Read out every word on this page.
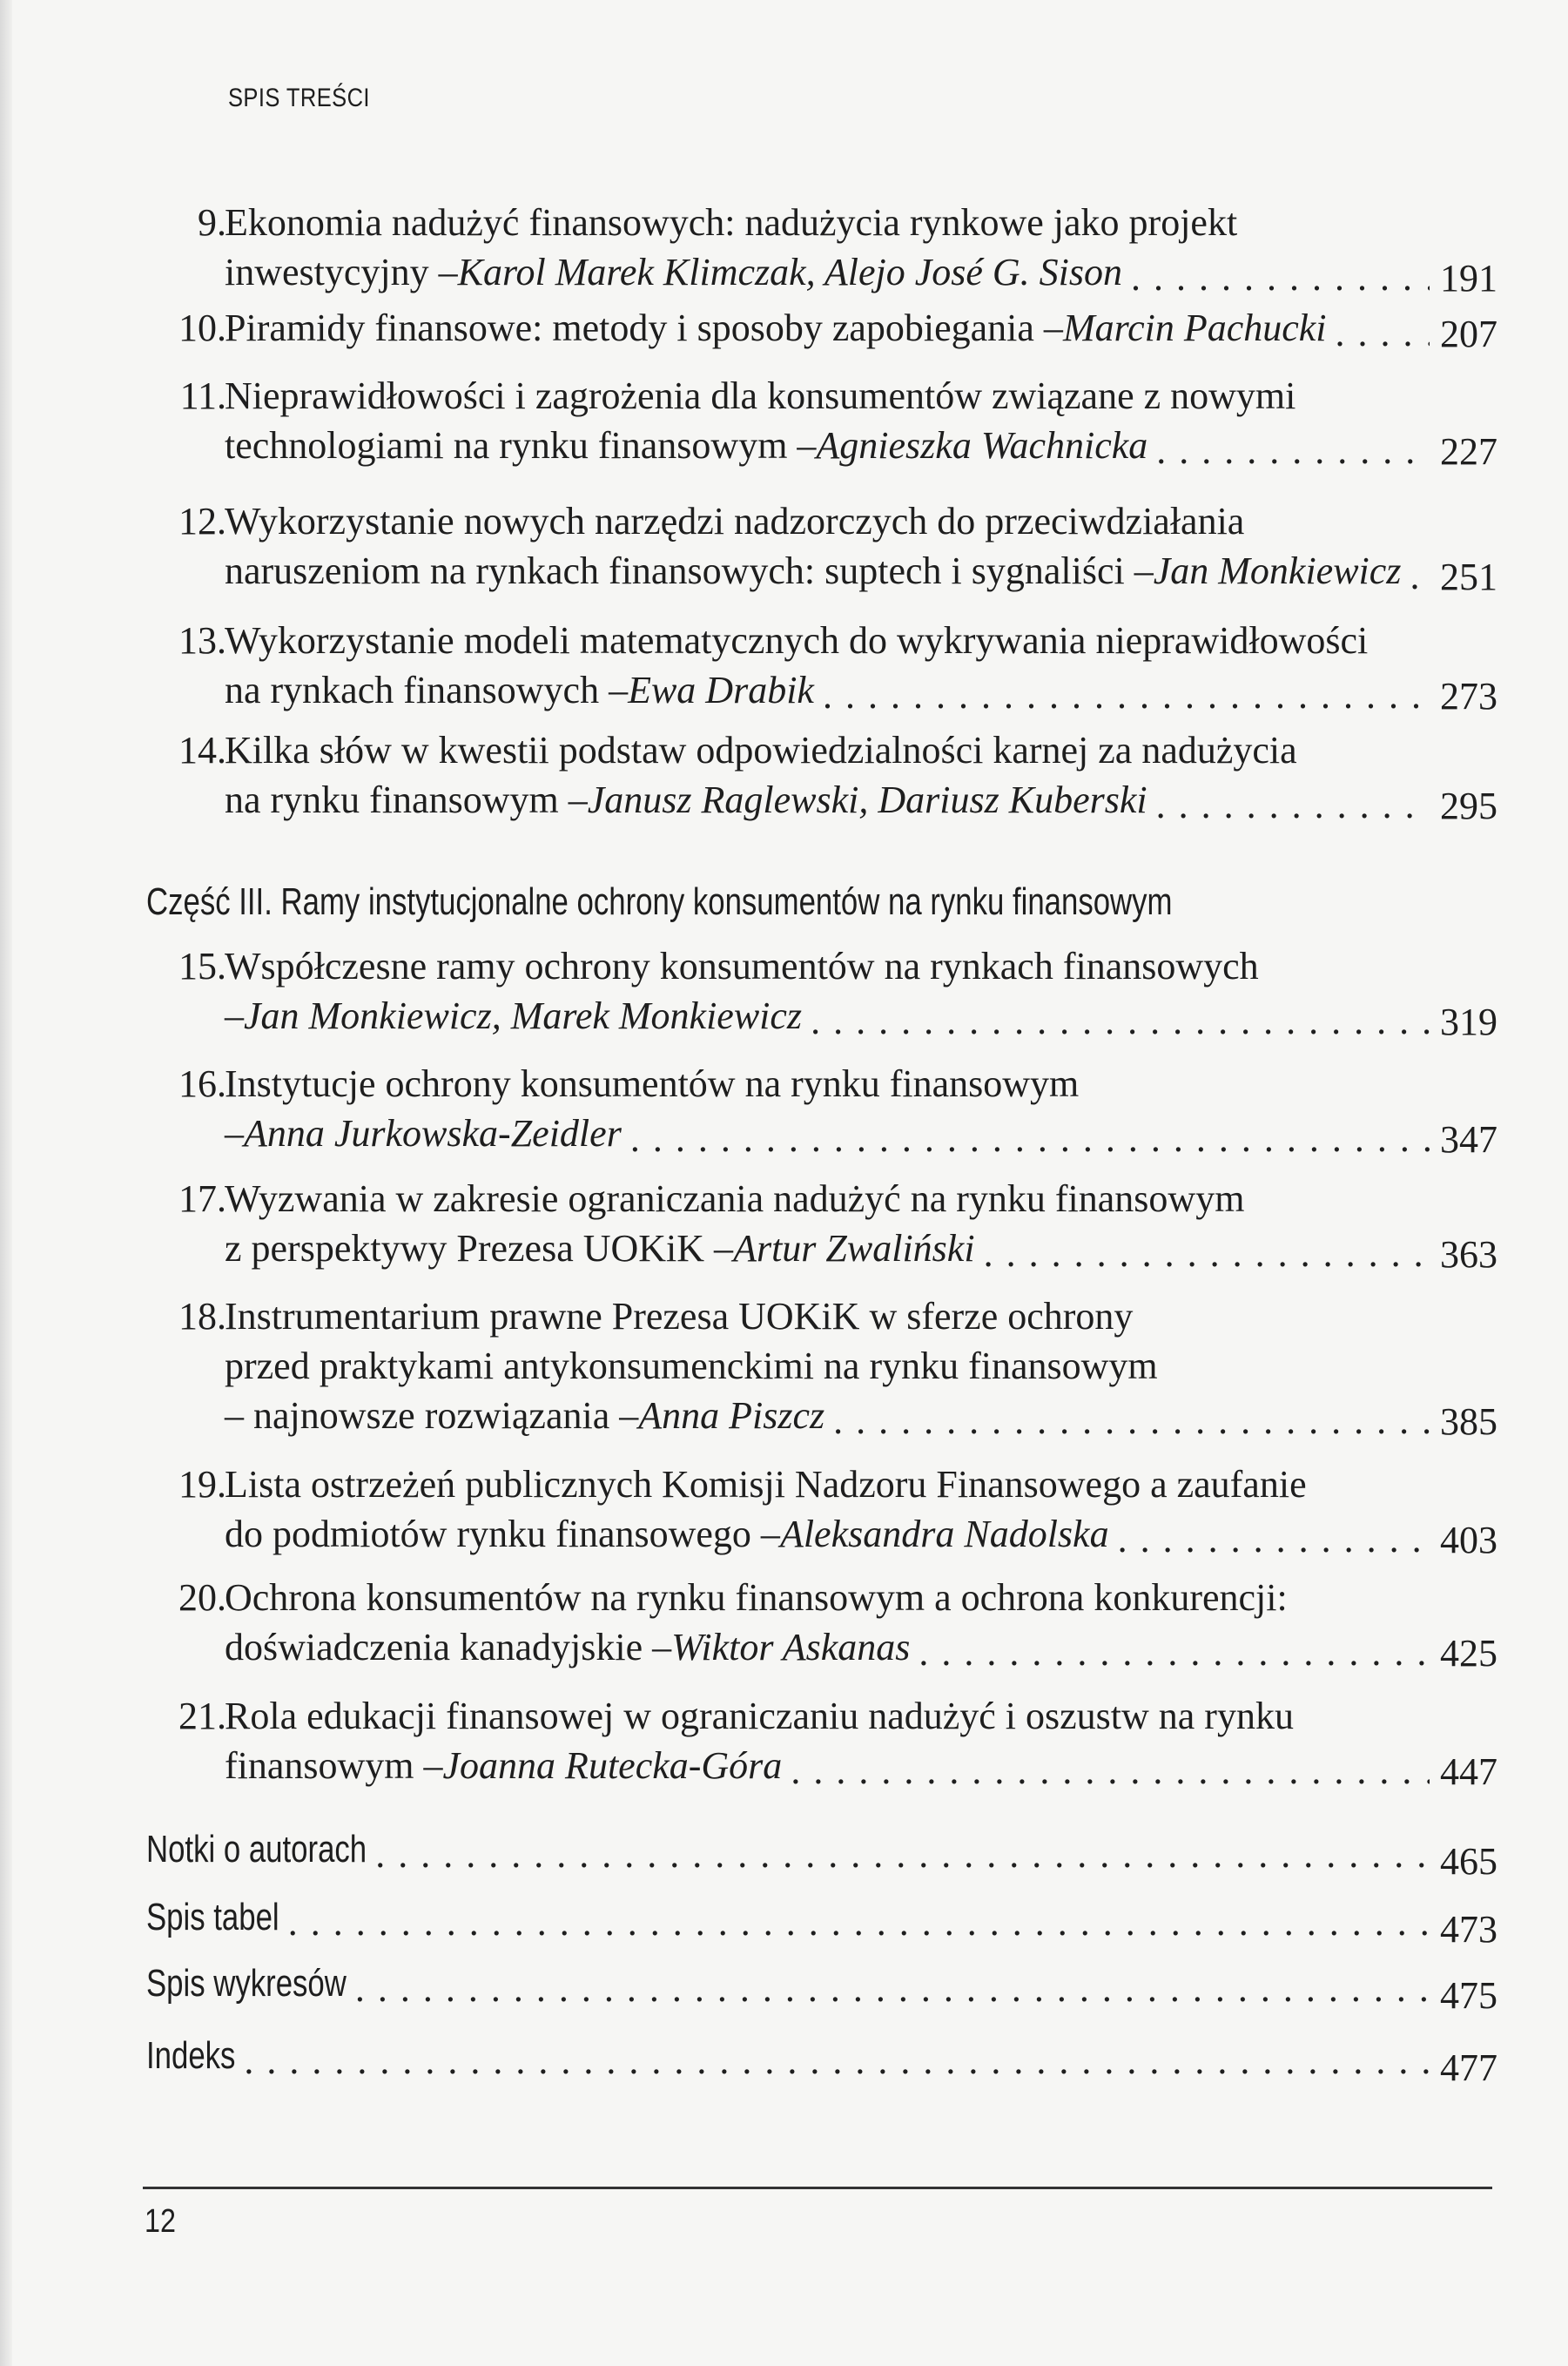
SPIS TREŚCI
9.
Ekonomia nadużyć finansowych: nadużycia rynkowe jako projekt
inwestycyjny – Karol Marek Klimczak, Alejo José G. Sison . . .	191
10.
Piramidy finansowe: metody i sposoby zapobiegania – Marcin Pachucki . . .	207
11.
Nieprawidłowości i zagrożenia dla konsumentów związane z nowymi
technologiami na rynku finansowym – Agnieszka Wachnicka . . .	227
12.
Wykorzystanie nowych narzędzi nadzorczych do przeciwdziałania
naruszeniom na rynkach finansowych: suptech i sygnaliści – Jan Monkiewicz . . . 251
13.
Wykorzystanie modeli matematycznych do wykrywania nieprawidłowości
na rynkach finansowych – Ewa Drabik . . .	273
14.
Kilka słów w kwestii podstaw odpowiedzialności karnej za nadużycia
na rynku finansowym – Janusz Raglewski, Dariusz Kuberski . . .	295
15.
Współczesne ramy ochrony konsumentów na rynkach finansowych
– Jan Monkiewicz, Marek Monkiewicz . . .	319
16.
Instytucje ochrony konsumentów na rynku finansowym
– Anna Jurkowska-Zeidler . . .	347
17.
Wyzwania w zakresie ograniczania nadużyć na rynku finansowym
z perspektywy Prezesa UOKiK – Artur Zwaliński . . .	363
18.
Instrumentarium prawne Prezesa UOKiK w sferze ochrony
przed praktykami antykonsumenckimi na rynku finansowym
– najnowsze rozwiązania – Anna Piszcz . . .	385
19.
Lista ostrzeżeń publicznych Komisji Nadzoru Finansowego a zaufanie
do podmiotów rynku finansowego – Aleksandra Nadolska . . .	403
20.
Ochrona konsumentów na rynku finansowym a ochrona konkurencji:
doświadczenia kanadyjskie – Wiktor Askanas . . .	425
21.
Rola edukacji finansowej w ograniczaniu nadużyć i oszustw na rynku
finansowym – Joanna Rutecka-Góra . . .	447
Część III. Ramy instytucjonalne ochrony konsumentów na rynku finansowym
Notki o autorach . . .	465
Spis tabel . . .	473
Spis wykresów . . .	475
Indeks . . .	477
12
